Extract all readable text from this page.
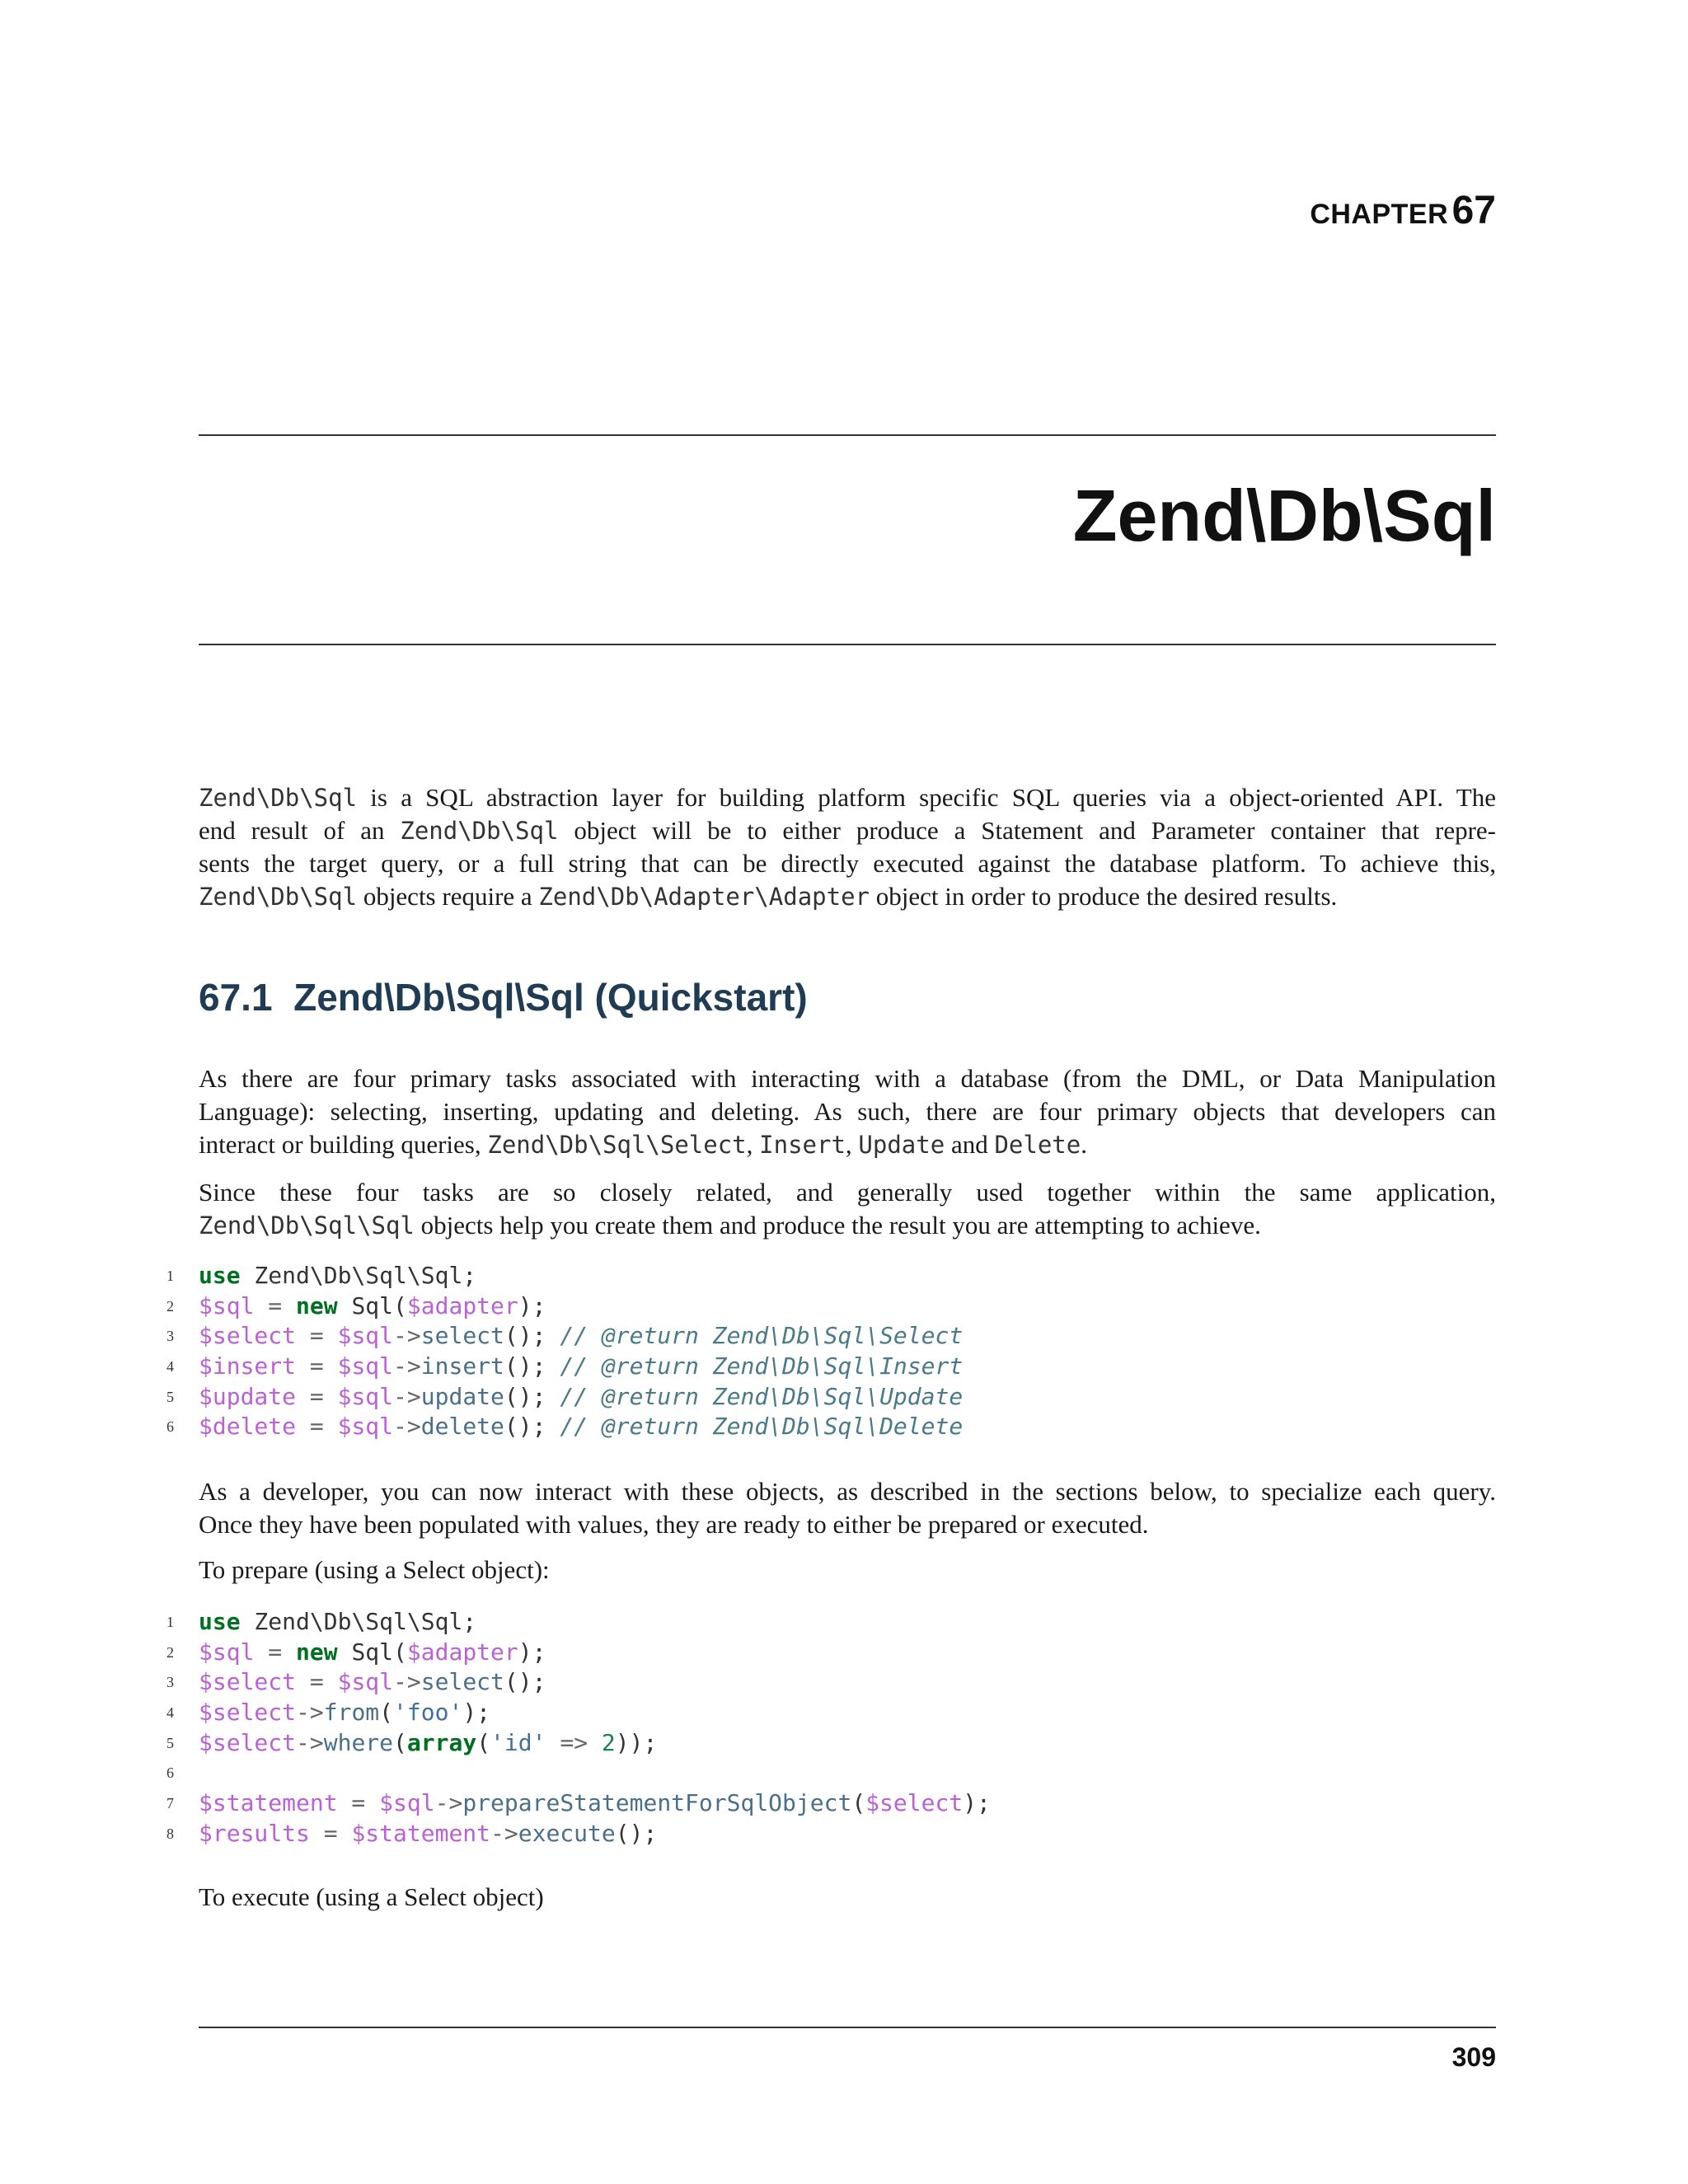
CHAPTER 67
Zend\Db\Sql
Zend\Db\Sql is a SQL abstraction layer for building platform specific SQL queries via a object-oriented API. The
end result of an Zend\Db\Sql object will be to either produce a Statement and Parameter container that repre-
sents the target query, or a full string that can be directly executed against the database platform. To achieve this,
Zend\Db\Sql objects require a Zend\Db\Adapter\Adapter object in order to produce the desired results.
67.1 Zend\Db\Sql\Sql (Quickstart)
As there are four primary tasks associated with interacting with a database (from the DML, or Data Manipulation
Language): selecting, inserting, updating and deleting. As such, there are four primary objects that developers can
interact or building queries, Zend\Db\Sql\Select, Insert, Update and Delete.
Since these four tasks are so closely related, and generally used together within the same application,
Zend\Db\Sql\Sql objects help you create them and produce the result you are attempting to achieve.
1 use Zend\Db\Sql\Sql;
2 $sql = new Sql($adapter);
3 $select = $sql->select(); // @return Zend\Db\Sql\Select
4 $insert = $sql->insert(); // @return Zend\Db\Sql\Insert
5 $update = $sql->update(); // @return Zend\Db\Sql\Update
6 $delete = $sql->delete(); // @return Zend\Db\Sql\Delete
As a developer, you can now interact with these objects, as described in the sections below, to specialize each query.
Once they have been populated with values, they are ready to either be prepared or executed.
To prepare (using a Select object):
1 use Zend\Db\Sql\Sql;
2 $sql = new Sql($adapter);
3 $select = $sql->select();
4 $select->from('foo');
5 $select->where(array('id' => 2));
6
7 $statement = $sql->prepareStatementForSqlObject($select);
8 $results = $statement->execute();
To execute (using a Select object)
309
